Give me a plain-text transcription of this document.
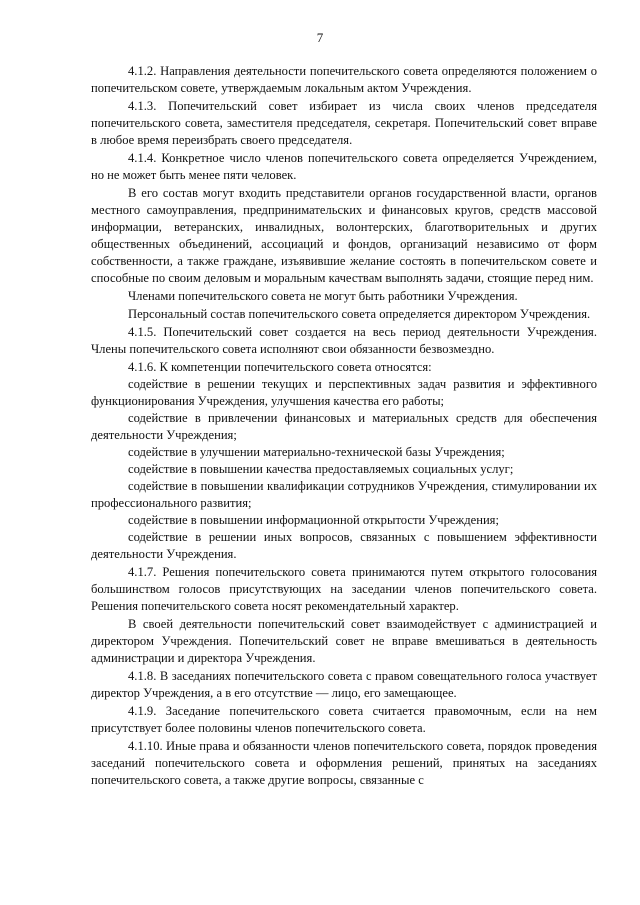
7

4.1.2. Направления деятельности попечительского совета определяются положением о попечительском совете, утверждаемым локальным актом Учреждения.

4.1.3. Попечительский совет избирает из числа своих членов председателя попечительского совета, заместителя председателя, секретаря. Попечительский совет вправе в любое время переизбрать своего председателя.

4.1.4. Конкретное число членов попечительского совета определяется Учреждением, но не может быть менее пяти человек.

В его состав могут входить представители органов государственной власти, органов местного самоуправления, предпринимательских и финансовых кругов, средств массовой информации, ветеранских, инвалидных, волонтерских, благотворительных и других общественных объединений, ассоциаций и фондов, организаций независимо от форм собственности, а также граждане, изъявившие желание состоять в попечительском совете и способные по своим деловым и моральным качествам выполнять задачи, стоящие перед ним.

Членами попечительского совета не могут быть работники Учреждения.

Персональный состав попечительского совета определяется директором Учреждения.

4.1.5. Попечительский совет создается на весь период деятельности Учреждения. Члены попечительского совета исполняют свои обязанности безвозмездно.

4.1.6. К компетенции попечительского совета относятся:

содействие в решении текущих и перспективных задач развития и эффективного функционирования Учреждения, улучшения качества его работы;

содействие в привлечении финансовых и материальных средств для обеспечения деятельности Учреждения;

содействие в улучшении материально-технической базы Учреждения;

содействие в повышении качества предоставляемых социальных услуг;

содействие в повышении квалификации сотрудников Учреждения, стимулировании их профессионального развития;

содействие в повышении информационной открытости Учреждения;

содействие в решении иных вопросов, связанных с повышением эффективности деятельности Учреждения.

4.1.7. Решения попечительского совета принимаются путем открытого голосования большинством голосов присутствующих на заседании членов попечительского совета. Решения попечительского совета носят рекомендательный характер.

В своей деятельности попечительский совет взаимодействует с администрацией и директором Учреждения. Попечительский совет не вправе вмешиваться в деятельность администрации и директора Учреждения.

4.1.8. В заседаниях попечительского совета с правом совещательного голоса участвует директор Учреждения, а в его отсутствие — лицо, его замещающее.

4.1.9. Заседание попечительского совета считается правомочным, если на нем присутствует более половины членов попечительского совета.

4.1.10. Иные права и обязанности членов попечительского совета, порядок проведения заседаний попечительского совета и оформления решений, принятых на заседаниях попечительского совета, а также другие вопросы, связанные с
